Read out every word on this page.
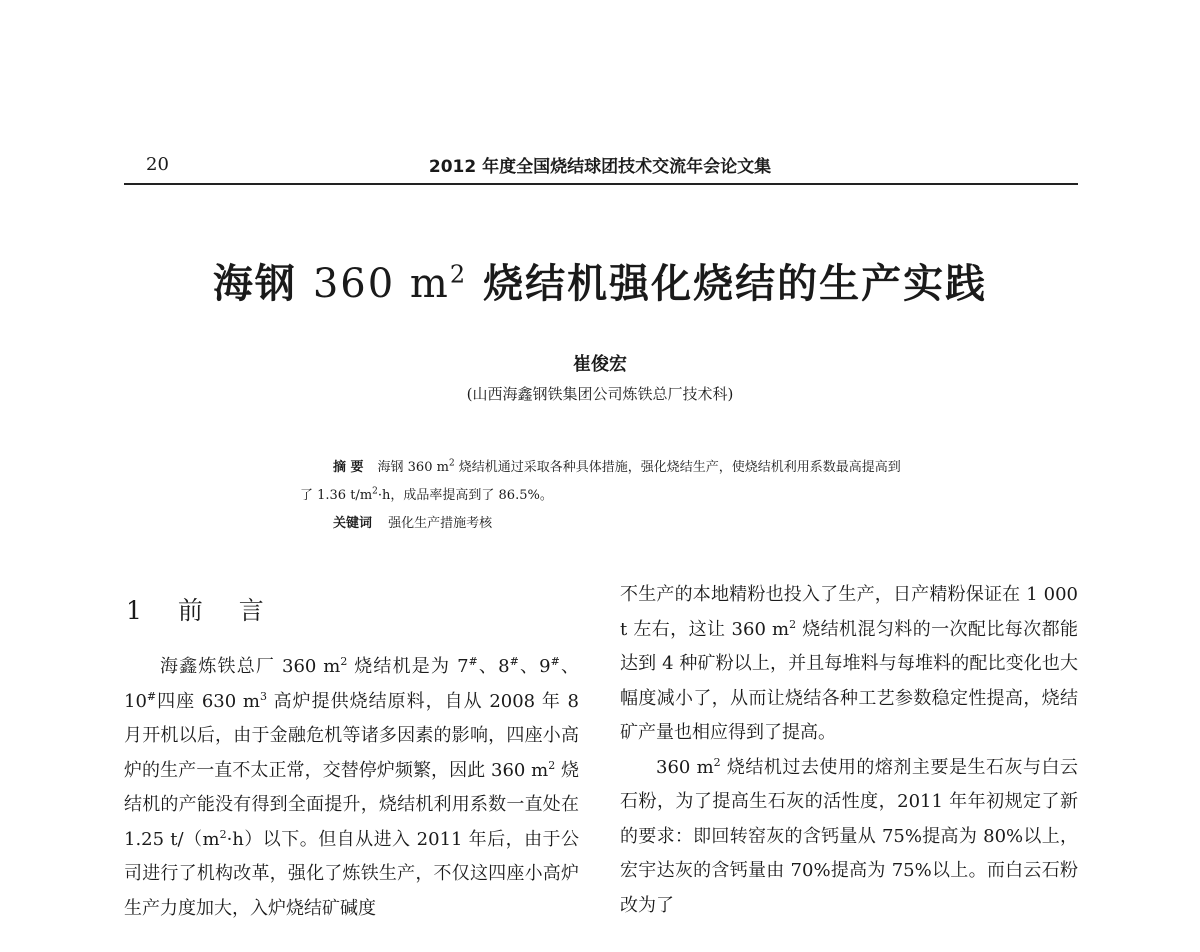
20	2012 年度全国烧结球团技术交流年会论文集
海钢 360 $m^2$ 烧结机强化烧结的生产实践
崔俊宏
(山西海鑫钢铁集团公司炼铁总厂技术科)
摘 要 海钢 360 $m^2$ 烧结机通过采取各种具体措施，强化烧结生产，使烧结机利用系数最高提高到了 1.36 $t/m^2\cdot h$，成品率提高到了 86.5%。
关键词 强化生产措施考核
1 前 言

海鑫炼铁总厂 360 $m^2$ 烧结机是为 7#、8#、9#、10#四座 630 $m^3$ 高炉提供烧结原料，自从 2008 年 8 月开机以后，由于金融危机等诸多因素的影响，四座小高炉的生产一直不太正常，交替停炉频繁，因此 360 $m^2$ 烧结机的产能没有得到全面提升，烧结机利用系数一直处在 1.25 $t/(m^2\cdot h)$以下。但自从进入 2011 年后，由于公司进行了机构改革，强化了炼铁生产，不仅这四座小高炉生产力度加大，入炉烧结矿碱度

不生产的本地精粉也投入了生产，日产精粉保证在 1 000 t 左右，这让 360 $m^2$ 烧结机混匀料的一次配比每次都能达到 4 种矿粉以上，并且每堆料与每堆料的配比变化也大幅度减小了，从而让烧结各种工艺参数稳定性提高，烧结矿产量也相应得到了提高。

360 $m^2$ 烧结机过去使用的熔剂主要是生石灰与白云石粉，为了提高生石灰的活性度，2011 年年初规定了新的要求：即回转窑灰的含钙量从 75%提高为 80%以上，宏宇达灰的含钙量由 70%提高为 75%以上。而白云石粉改为了
